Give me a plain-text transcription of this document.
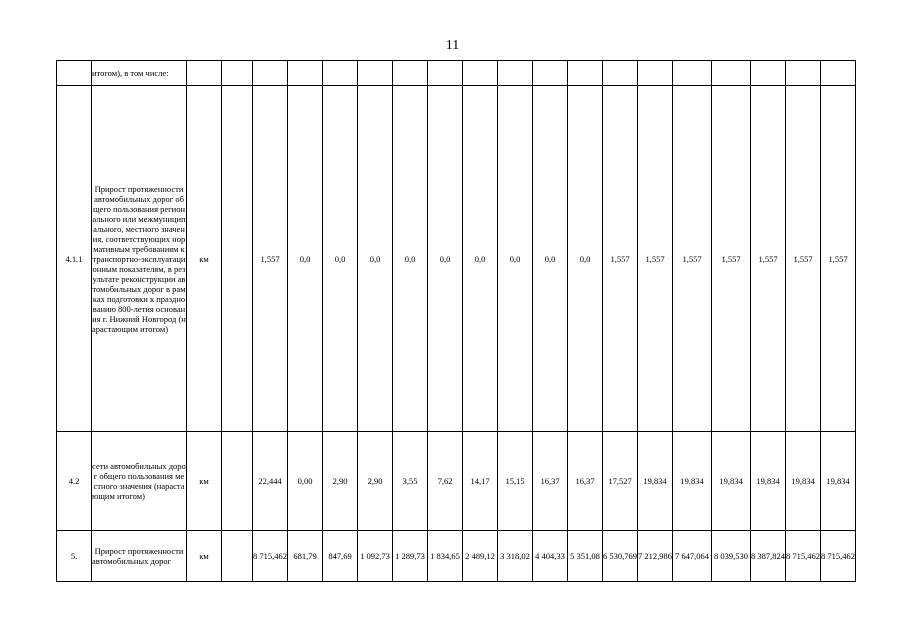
11
	итогом), в том числе:																			
4.1.1	Прирост протяженности автомобильных дорог общего пользования регионального или межмуниципального, местного значения, соответствующих нормативным требованиям к транспортно-эксплуатационным показателям, в результате реконструкции автомобильных дорог в рамках подготовки к празднованию 800-летия основания г. Нижний Новгород (нарастающим итогом)	км		1,557	0,0	0,0	0,0	0,0	0,0	0,0	0,0	0,0	0,0	1,557	1,557	1,557	1,557	1,557	1,557	1,557
4.2	сети автомобильных дорог общего пользования местного значения (нарастающим итогом)	км		22,444	0,00	2,90	2,90	3,55	7,62	14,17	15,15	16,37	16,37	17,527	19,834	19,834	19,834	19,834	19,834	19,834
5.	Прирост протяженности автомобильных дорог	км		8 715,462	681,79	847,69	1 092,73	1 289,73	1 834,65	2 489,12	3 318,02	4 404,33	5 351,08	6 530,769	7 212,986	7 647,064	8 039,530	8 387,824	8 715,462	8 715,462
